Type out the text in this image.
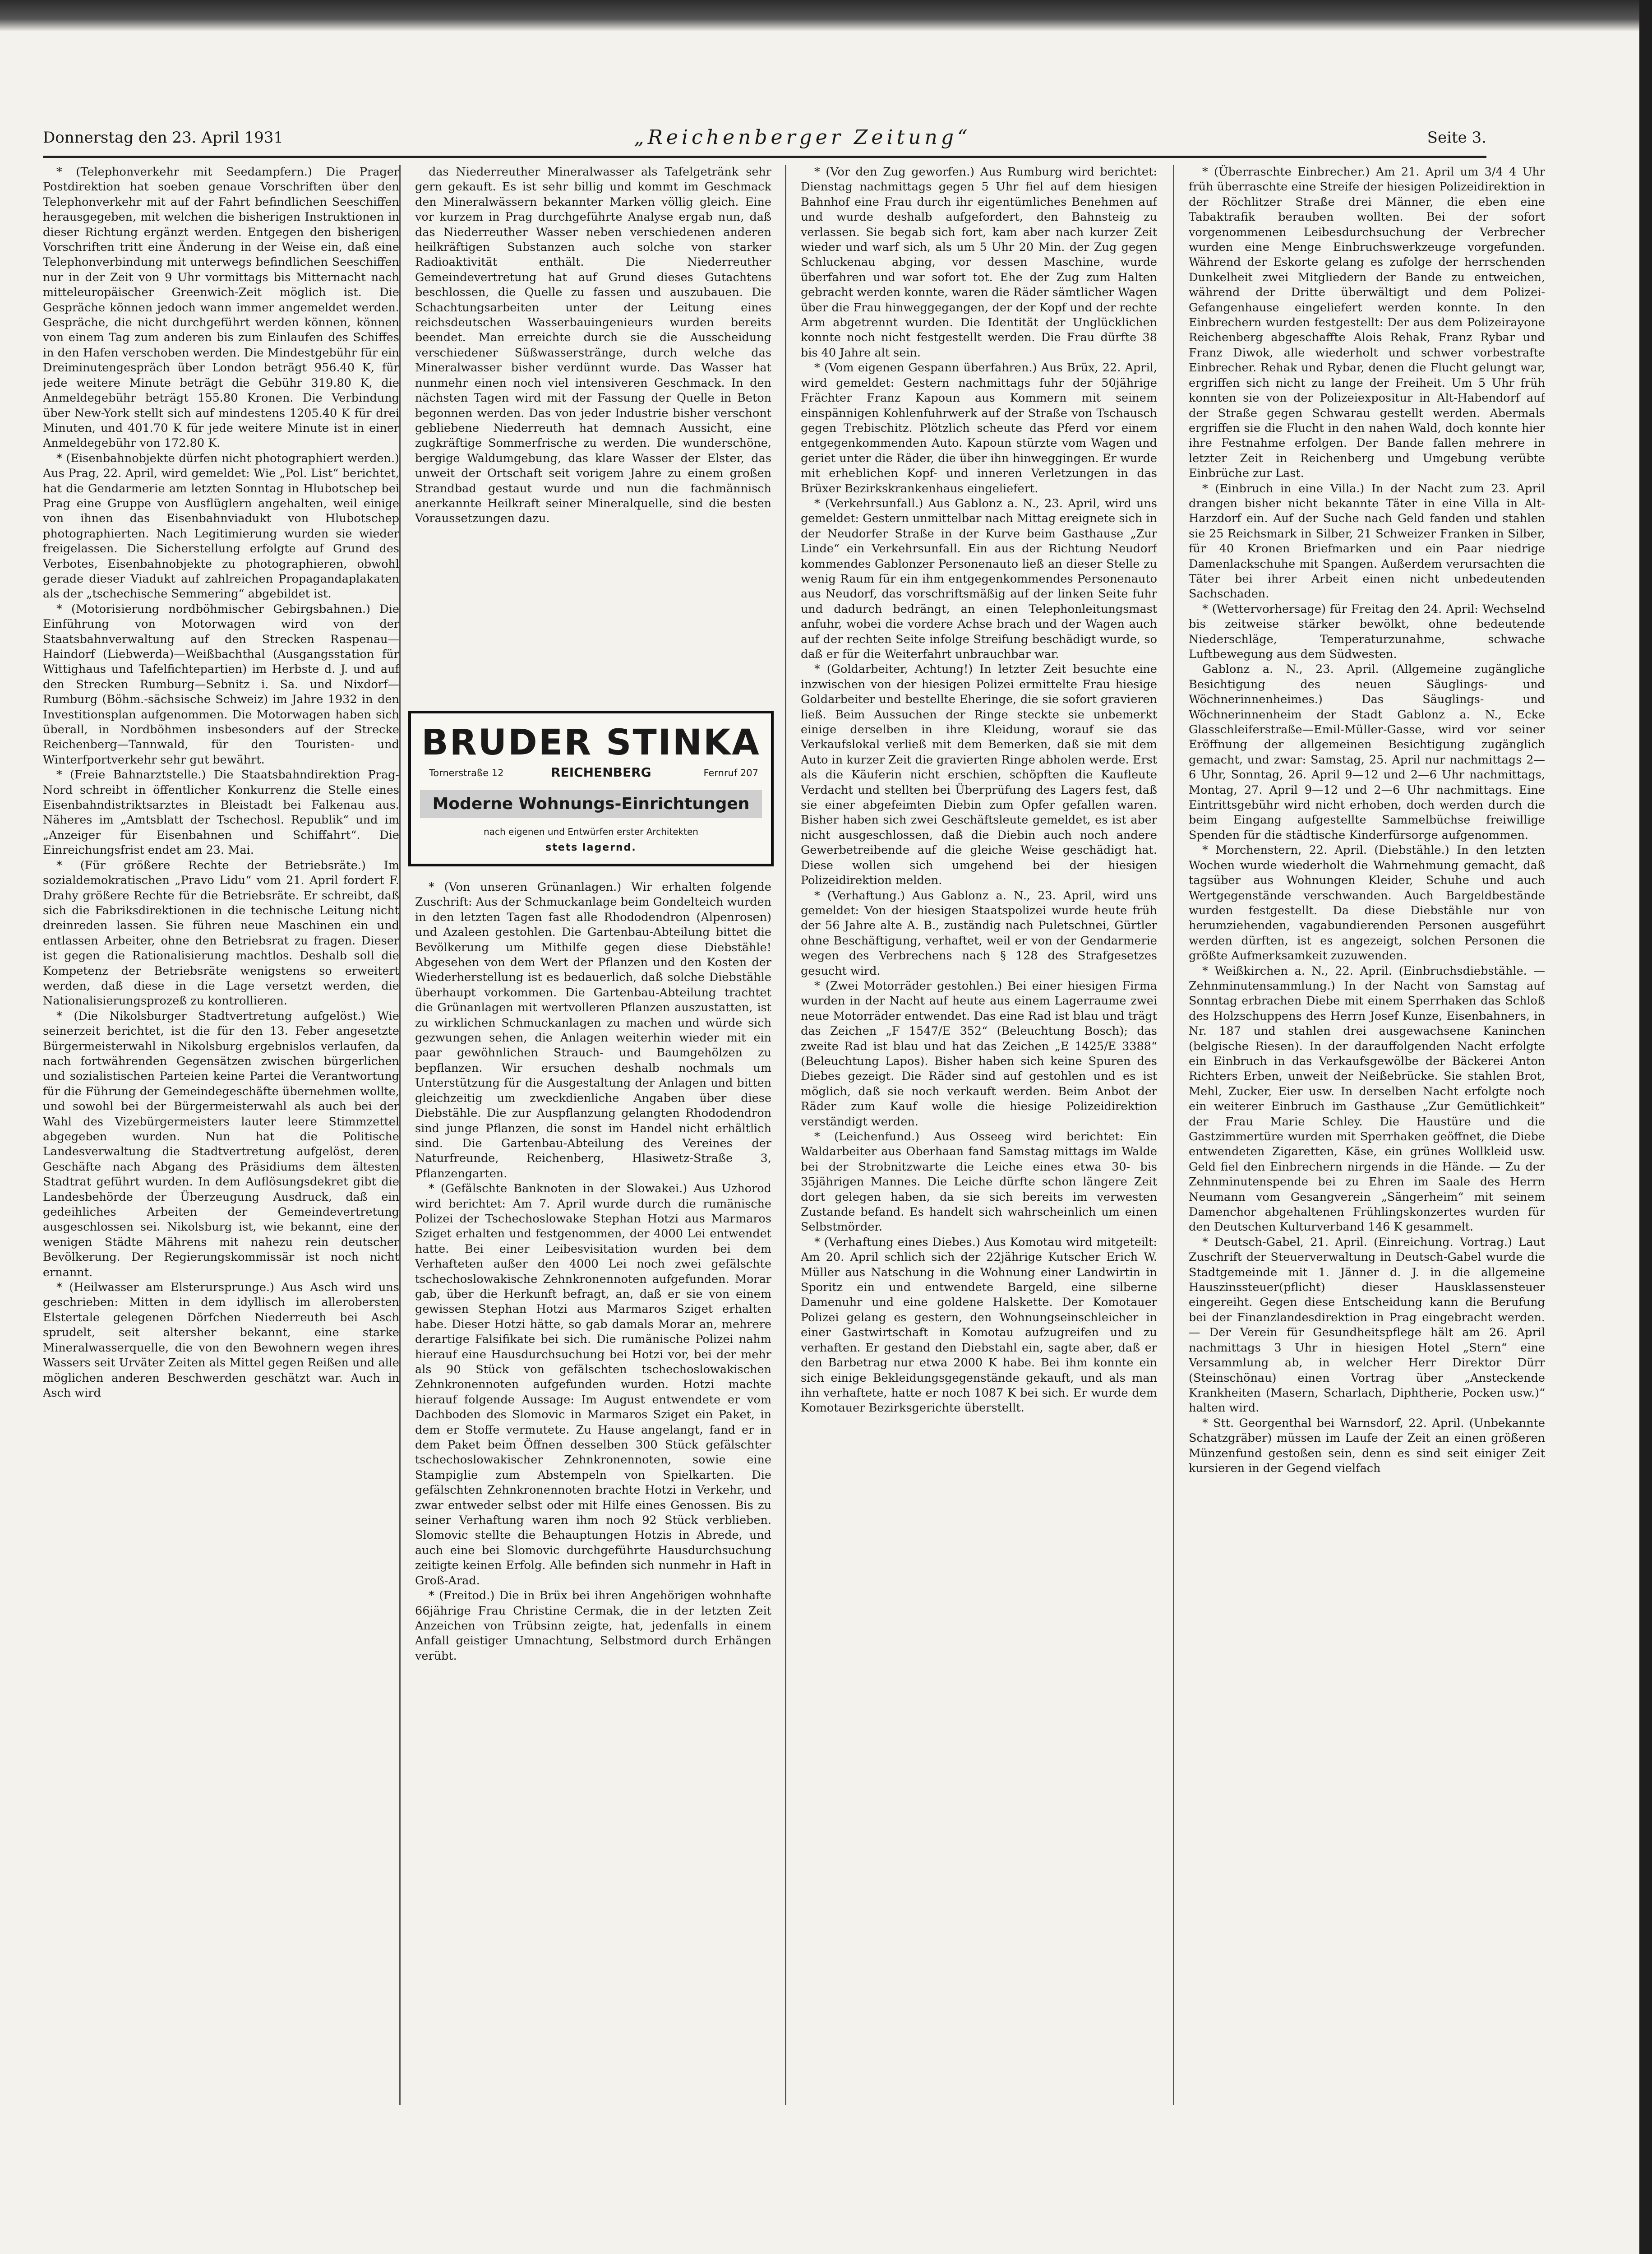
Donnerstag den 23. April 1931	„Reichenberger Zeitung“	Seite 3.

* (Telephonverkehr mit Seedampfern.) Die Prager Postdirektion hat soeben genaue Vorschriften über den Telephonverkehr mit auf der Fahrt befindlichen Seeschiffen herausgegeben, mit welchen die bisherigen Instruktionen in dieser Richtung ergänzt werden. Entgegen den bisherigen Vorschriften tritt eine Änderung in der Weise ein, daß eine Telephonverbindung mit unterwegs befindlichen Seeschiffen nur in der Zeit von 9 Uhr vormittags bis Mitternacht nach mitteleuropäischer Greenwich-Zeit möglich ist. Die Gespräche können jedoch wann immer angemeldet werden. Gespräche, die nicht durchgeführt werden können, können von einem Tag zum anderen bis zum Einlaufen des Schiffes in den Hafen verschoben werden. Die Mindestgebühr für ein Dreiminutengespräch über London beträgt 956.40 K, für jede weitere Minute beträgt die Gebühr 319.80 K, die Anmeldegebühr beträgt 155.80 Kronen. Die Verbindung über New-York stellt sich auf mindestens 1205.40 K für drei Minuten, und 401.70 K für jede weitere Minute ist in einer Anmeldegebühr von 172.80 K.

* (Eisenbahnobjekte dürfen nicht photographiert werden.) Aus Prag, 22. April, wird gemeldet: Wie „Pol. List“ berichtet, hat die Gendarmerie am letzten Sonntag in Hlubotschep bei Prag eine Gruppe von Ausflüglern angehalten, weil einige von ihnen das Eisenbahnviadukt von Hlubotschep photographierten. Nach Legitimierung wurden sie wieder freigelassen. Die Sicherstellung erfolgte auf Grund des Verbotes, Eisenbahnobjekte zu photographieren, obwohl gerade dieser Viadukt auf zahlreichen Propagandaplakaten als der „tschechische Semmering“ abgebildet ist.

* (Motorisierung nordböhmischer Gebirgsbahnen.) Die Einführung von Motorwagen wird von der Staatsbahnverwaltung auf den Strecken Raspenau—Haindorf (Liebwerda)—Weißbachthal (Ausgangsstation für Wittighaus und Tafelfichtepartien) im Herbste d. J. und auf den Strecken Rumburg—Sebnitz i. Sa. und Nixdorf—Rumburg (Böhm.-sächsische Schweiz) im Jahre 1932 in den Investitionsplan aufgenommen. Die Motorwagen haben sich überall, in Nordböhmen insbesonders auf der Strecke Reichenberg—Tannwald, für den Touristen- und Winterfportverkehr sehr gut bewährt.

* (Freie Bahnarztstelle.) Die Staatsbahndirektion Prag-Nord schreibt in öffentlicher Konkurrenz die Stelle eines Eisenbahndistriktsarztes in Bleistadt bei Falkenau aus. Näheres im „Amtsblatt der Tschechosl. Republik“ und im „Anzeiger für Eisenbahnen und Schiffahrt“. Die Einreichungsfrist endet am 23. Mai.

* (Für größere Rechte der Betriebsräte.) Im sozialdemokratischen „Pravo Lidu“ vom 21. April fordert F. Drahy größere Rechte für die Betriebsräte. Er schreibt, daß sich die Fabriksdirektionen in die technische Leitung nicht dreinreden lassen. Sie führen neue Maschinen ein und entlassen Arbeiter, ohne den Betriebsrat zu fragen. Dieser ist gegen die Rationalisierung machtlos. Deshalb soll die Kompetenz der Betriebsräte wenigstens so erweitert werden, daß diese in die Lage versetzt werden, die Nationalisierungsprozeß zu kontrollieren.

* (Die Nikolsburger Stadtvertretung aufgelöst.) Wie seinerzeit berichtet, ist die für den 13. Feber angesetzte Bürgermeisterwahl in Nikolsburg ergebnislos verlaufen, da nach fortwährenden Gegensätzen zwischen bürgerlichen und sozialistischen Parteien keine Partei die Verantwortung für die Führung der Gemeindegeschäfte übernehmen wollte, und sowohl bei der Bürgermeisterwahl als auch bei der Wahl des Vizebürgermeisters lauter leere Stimmzettel abgegeben wurden. Nun hat die Politische Landesverwaltung die Stadtvertretung aufgelöst, deren Geschäfte nach Abgang des Präsidiums dem ältesten Stadtrat geführt wurden. In dem Auflösungsdekret gibt die Landesbehörde der Überzeugung Ausdruck, daß ein gedeihliches Arbeiten der Gemeindevertretung ausgeschlossen sei. Nikolsburg ist, wie bekannt, eine der wenigen Städte Mährens mit nahezu rein deutscher Bevölkerung. Der Regierungskommissär ist noch nicht ernannt.

* (Heilwasser am Elsterursprunge.) Aus Asch wird uns geschrieben: Mitten in dem idyllisch im allerobersten Elstertale gelegenen Dörfchen Niederreuth bei Asch sprudelt, seit altersher bekannt, eine starke Mineralwasserquelle, die von den Bewohnern wegen ihres Wassers seit Urväter Zeiten als Mittel gegen Reißen und alle möglichen anderen Beschwerden geschätzt war. Auch in Asch wird

das Niederreuther Mineralwasser als Tafelgetränk sehr gern gekauft. Es ist sehr billig und kommt im Geschmack den Mineralwässern bekannter Marken völlig gleich. Eine vor kurzem in Prag durchgeführte Analyse ergab nun, daß das Niederreuther Wasser neben verschiedenen anderen heilkräftigen Substanzen auch solche von starker Radioaktivität enthält. Die Niederreuther Gemeindevertretung hat auf Grund dieses Gutachtens beschlossen, die Quelle zu fassen und auszubauen. Die Schachtungsarbeiten unter der Leitung eines reichsdeutschen Wasserbauingenieurs wurden bereits beendet. Man erreichte durch sie die Ausscheidung verschiedener Süßwasserstränge, durch welche das Mineralwasser bisher verdünnt wurde. Das Wasser hat nunmehr einen noch viel intensiveren Geschmack. In den nächsten Tagen wird mit der Fassung der Quelle in Beton begonnen werden. Das von jeder Industrie bisher verschont gebliebene Niederreuth hat demnach Aussicht, eine zugkräftige Sommerfrische zu werden. Die wunderschöne, bergige Waldumgebung, das klare Wasser der Elster, das unweit der Ortschaft seit vorigem Jahre zu einem großen Strandbad gestaut wurde und nun die fachmännisch anerkannte Heilkraft seiner Mineralquelle, sind die besten Voraussetzungen dazu.

BRUDER STINKA
Tornerstraße 12	REICHENBERG	Fernruf 207
Moderne Wohnungs-Einrichtungen
nach eigenen und Entwürfen erster Architekten
stets lagernd.

* (Von unseren Grünanlagen.) Wir erhalten folgende Zuschrift: Aus der Schmuckanlage beim Gondelteich wurden in den letzten Tagen fast alle Rhododendron (Alpenrosen) und Azaleen gestohlen. Die Gartenbau-Abteilung bittet die Bevölkerung um Mithilfe gegen diese Diebstähle! Abgesehen von dem Wert der Pflanzen und den Kosten der Wiederherstellung ist es bedauerlich, daß solche Diebstähle überhaupt vorkommen. Die Gartenbau-Abteilung trachtet die Grünanlagen mit wertvolleren Pflanzen auszustatten, ist zu wirklichen Schmuckanlagen zu machen und würde sich gezwungen sehen, die Anlagen weiterhin wieder mit ein paar gewöhnlichen Strauch- und Baumgehölzen zu bepflanzen. Wir ersuchen deshalb nochmals um Unterstützung für die Ausgestaltung der Anlagen und bitten gleichzeitig um zweckdienliche Angaben über diese Diebstähle. Die zur Auspflanzung gelangten Rhododendron sind junge Pflanzen, die sonst im Handel nicht erhältlich sind. Die Gartenbau-Abteilung des Vereines der Naturfreunde, Reichenberg, Hlasiwetz-Straße 3, Pflanzengarten.

* (Gefälschte Banknoten in der Slowakei.) Aus Uzhorod wird berichtet: Am 7. April wurde durch die rumänische Polizei der Tschechoslowake Stephan Hotzi aus Marmaros Sziget erhalten und festgenommen, der 4000 Lei entwendet hatte. Bei einer Leibesvisitation wurden bei dem Verhafteten außer den 4000 Lei noch zwei gefälschte tschechoslowakische Zehnkronennoten aufgefunden. Morar gab, über die Herkunft befragt, an, daß er sie von einem gewissen Stephan Hotzi aus Marmaros Sziget erhalten habe. Dieser Hotzi hätte, so gab damals Morar an, mehrere derartige Falsifikate bei sich. Die rumänische Polizei nahm hierauf eine Hausdurchsuchung bei Hotzi vor, bei der mehr als 90 Stück von gefälschten tschechoslowakischen Zehnkronennoten aufgefunden wurden. Hotzi machte hierauf folgende Aussage: Im August entwendete er vom Dachboden des Slomovic in Marmaros Sziget ein Paket, in dem er Stoffe vermutete. Zu Hause angelangt, fand er in dem Paket beim Öffnen desselben 300 Stück gefälschter tschechoslowakischer Zehnkronennoten, sowie eine Stampiglie zum Abstempeln von Spielkarten. Die gefälschten Zehnkronennoten brachte Hotzi in Verkehr, und zwar entweder selbst oder mit Hilfe eines Genossen. Bis zu seiner Verhaftung waren ihm noch 92 Stück verblieben. Slomovic stellte die Behauptungen Hotzis in Abrede, und auch eine bei Slomovic durchgeführte Hausdurchsuchung zeitigte keinen Erfolg. Alle befinden sich nunmehr in Haft in Groß-Arad.

* (Freitod.) Die in Brüx bei ihren Angehörigen wohnhafte 66jährige Frau Christine Cermak, die in der letzten Zeit Anzeichen von Trübsinn zeigte, hat, jedenfalls in einem Anfall geistiger Umnachtung, Selbstmord durch Erhängen verübt.

* (Vor den Zug geworfen.) Aus Rumburg wird berichtet: Dienstag nachmittags gegen 5 Uhr fiel auf dem hiesigen Bahnhof eine Frau durch ihr eigentümliches Benehmen auf und wurde deshalb aufgefordert, den Bahnsteig zu verlassen. Sie begab sich fort, kam aber nach kurzer Zeit wieder und warf sich, als um 5 Uhr 20 Min. der Zug gegen Schluckenau abging, vor dessen Maschine, wurde überfahren und war sofort tot. Ehe der Zug zum Halten gebracht werden konnte, waren die Räder sämtlicher Wagen über die Frau hinweggegangen, der der Kopf und der rechte Arm abgetrennt wurden. Die Identität der Unglücklichen konnte noch nicht festgestellt werden. Die Frau dürfte 38 bis 40 Jahre alt sein.

* (Vom eigenen Gespann überfahren.) Aus Brüx, 22. April, wird gemeldet: Gestern nachmittags fuhr der 50jährige Frächter Franz Kapoun aus Kommern mit seinem einspännigen Kohlenfuhrwerk auf der Straße von Tschausch gegen Trebischitz. Plötzlich scheute das Pferd vor einem entgegenkommenden Auto. Kapoun stürzte vom Wagen und geriet unter die Räder, die über ihn hinweggingen. Er wurde mit erheblichen Kopf- und inneren Verletzungen in das Brüxer Bezirkskrankenhaus eingeliefert.

* (Verkehrsunfall.) Aus Gablonz a. N., 23. April, wird uns gemeldet: Gestern unmittelbar nach Mittag ereignete sich in der Neudorfer Straße in der Kurve beim Gasthause „Zur Linde“ ein Verkehrsunfall. Ein aus der Richtung Neudorf kommendes Gablonzer Personenauto ließ an dieser Stelle zu wenig Raum für ein ihm entgegenkommendes Personenauto aus Neudorf, das vorschriftsmäßig auf der linken Seite fuhr und dadurch bedrängt, an einen Telephonleitungsmast anfuhr, wobei die vordere Achse brach und der Wagen auch auf der rechten Seite infolge Streifung beschädigt wurde, so daß er für die Weiterfahrt unbrauchbar war.

* (Goldarbeiter, Achtung!) In letzter Zeit besuchte eine inzwischen von der hiesigen Polizei ermittelte Frau hiesige Goldarbeiter und bestellte Eheringe, die sie sofort gravieren ließ. Beim Aussuchen der Ringe steckte sie unbemerkt einige derselben in ihre Kleidung, worauf sie das Verkaufslokal verließ mit dem Bemerken, daß sie mit dem Auto in kurzer Zeit die gravierten Ringe abholen werde. Erst als die Käuferin nicht erschien, schöpften die Kaufleute Verdacht und stellten bei Überprüfung des Lagers fest, daß sie einer abgefeimten Diebin zum Opfer gefallen waren. Bisher haben sich zwei Geschäftsleute gemeldet, es ist aber nicht ausgeschlossen, daß die Diebin auch noch andere Gewerbetreibende auf die gleiche Weise geschädigt hat. Diese wollen sich umgehend bei der hiesigen Polizeidirektion melden.

* (Verhaftung.) Aus Gablonz a. N., 23. April, wird uns gemeldet: Von der hiesigen Staatspolizei wurde heute früh der 56 Jahre alte A. B., zuständig nach Puletschnei, Gürtler ohne Beschäftigung, verhaftet, weil er von der Gendarmerie wegen des Verbrechens nach § 128 des Strafgesetzes gesucht wird.

* (Zwei Motorräder gestohlen.) Bei einer hiesigen Firma wurden in der Nacht auf heute aus einem Lagerraume zwei neue Motorräder entwendet. Das eine Rad ist blau und trägt das Zeichen „F 1547/E 352“ (Beleuchtung Bosch); das zweite Rad ist blau und hat das Zeichen „E 1425/E 3388“ (Beleuchtung Lapos). Bisher haben sich keine Spuren des Diebes gezeigt. Die Räder sind auf gestohlen und es ist möglich, daß sie noch verkauft werden. Beim Anbot der Räder zum Kauf wolle die hiesige Polizeidirektion verständigt werden.

* (Leichenfund.) Aus Osseeg wird berichtet: Ein Waldarbeiter aus Oberhaan fand Samstag mittags im Walde bei der Strobnitzwarte die Leiche eines etwa 30- bis 35jährigen Mannes. Die Leiche dürfte schon längere Zeit dort gelegen haben, da sie sich bereits im verwesten Zustande befand. Es handelt sich wahrscheinlich um einen Selbstmörder.

* (Verhaftung eines Diebes.) Aus Komotau wird mitgeteilt: Am 20. April schlich sich der 22jährige Kutscher Erich W. Müller aus Natschung in die Wohnung einer Landwirtin in Sporitz ein und entwendete Bargeld, eine silberne Damenuhr und eine goldene Halskette. Der Komotauer Polizei gelang es gestern, den Wohnungseinschleicher in einer Gastwirtschaft in Komotau aufzugreifen und zu verhaften. Er gestand den Diebstahl ein, sagte aber, daß er den Barbetrag nur etwa 2000 K habe. Bei ihm konnte ein sich einige Bekleidungsgegenstände gekauft, und als man ihn verhaftete, hatte er noch 1087 K bei sich. Er wurde dem Komotauer Bezirksgerichte überstellt.

* (Überraschte Einbrecher.) Am 21. April um 3/4 4 Uhr früh überraschte eine Streife der hiesigen Polizeidirektion in der Röchlitzer Straße drei Männer, die eben eine Tabaktrafik berauben wollten. Bei der sofort vorgenommenen Leibesdurchsuchung der Verbrecher wurden eine Menge Einbruchswerkzeuge vorgefunden. Während der Eskorte gelang es zufolge der herrschenden Dunkelheit zwei Mitgliedern der Bande zu entweichen, während der Dritte überwältigt und dem Polizei-Gefangenhause eingeliefert werden konnte. In den Einbrechern wurden festgestellt: Der aus dem Polizeirayone Reichenberg abgeschaffte Alois Rehak, Franz Rybar und Franz Diwok, alle wiederholt und schwer vorbestrafte Einbrecher. Rehak und Rybar, denen die Flucht gelungt war, ergriffen sich nicht zu lange der Freiheit. Um 5 Uhr früh konnten sie von der Polizeiexpositur in Alt-Habendorf auf der Straße gegen Schwarau gestellt werden. Abermals ergriffen sie die Flucht in den nahen Wald, doch konnte hier ihre Festnahme erfolgen. Der Bande fallen mehrere in letzter Zeit in Reichenberg und Umgebung verübte Einbrüche zur Last.

* (Einbruch in eine Villa.) In der Nacht zum 23. April drangen bisher nicht bekannte Täter in eine Villa in Alt-Harzdorf ein. Auf der Suche nach Geld fanden und stahlen sie 25 Reichsmark in Silber, 21 Schweizer Franken in Silber, für 40 Kronen Briefmarken und ein Paar niedrige Damenlackschuhe mit Spangen. Außerdem verursachten die Täter bei ihrer Arbeit einen nicht unbedeutenden Sachschaden.

* (Wettervorhersage) für Freitag den 24. April: Wechselnd bis zeitweise stärker bewölkt, ohne bedeutende Niederschläge, Temperaturzunahme, schwache Luftbewegung aus dem Südwesten.

Gablonz a. N., 23. April. (Allgemeine zugängliche Besichtigung des neuen Säuglings- und Wöchnerinnenheimes.) Das Säuglings- und Wöchnerinnenheim der Stadt Gablonz a. N., Ecke Glasschleiferstraße—Emil-Müller-Gasse, wird vor seiner Eröffnung der allgemeinen Besichtigung zugänglich gemacht, und zwar: Samstag, 25. April nur nachmittags 2—6 Uhr, Sonntag, 26. April 9—12 und 2—6 Uhr nachmittags, Montag, 27. April 9—12 und 2—6 Uhr nachmittags. Eine Eintrittsgebühr wird nicht erhoben, doch werden durch die beim Eingang aufgestellte Sammelbüchse freiwillige Spenden für die städtische Kinderfürsorge aufgenommen.

* Morchenstern, 22. April. (Diebstähle.) In den letzten Wochen wurde wiederholt die Wahrnehmung gemacht, daß tagsüber aus Wohnungen Kleider, Schuhe und auch Wertgegenstände verschwanden. Auch Bargeldbestände wurden festgestellt. Da diese Diebstähle nur von herumziehenden, vagabundierenden Personen ausgeführt werden dürften, ist es angezeigt, solchen Personen die größte Aufmerksamkeit zuzuwenden.

* Weißkirchen a. N., 22. April. (Einbruchsdiebstähle. — Zehnminutensammlung.) In der Nacht von Samstag auf Sonntag erbrachen Diebe mit einem Sperrhaken das Schloß des Holzschuppens des Herrn Josef Kunze, Eisenbahners, in Nr. 187 und stahlen drei ausgewachsene Kaninchen (belgische Riesen). In der darauffolgenden Nacht erfolgte ein Einbruch in das Verkaufsgewölbe der Bäckerei Anton Richters Erben, unweit der Neißebrücke. Sie stahlen Brot, Mehl, Zucker, Eier usw. In derselben Nacht erfolgte noch ein weiterer Einbruch im Gasthause „Zur Gemütlichkeit“ der Frau Marie Schley. Die Haustüre und die Gastzimmertüre wurden mit Sperrhaken geöffnet, die Diebe entwendeten Zigaretten, Käse, ein grünes Wollkleid usw. Geld fiel den Einbrechern nirgends in die Hände. — Zu der Zehnminutenspende bei zu Ehren im Saale des Herrn Neumann vom Gesangverein „Sängerheim“ mit seinem Damenchor abgehaltenen Frühlingskonzertes wurden für den Deutschen Kulturverband 146 K gesammelt.

* Deutsch-Gabel, 21. April. (Einreichung. Vortrag.) Laut Zuschrift der Steuerverwaltung in Deutsch-Gabel wurde die Stadtgemeinde mit 1. Jänner d. J. in die allgemeine Hauszinssteuer(pflicht) dieser Hausklassensteuer eingereiht. Gegen diese Entscheidung kann die Berufung bei der Finanzlandesdirektion in Prag eingebracht werden. — Der Verein für Gesundheitspflege hält am 26. April nachmittags 3 Uhr in hiesigen Hotel „Stern“ eine Versammlung ab, in welcher Herr Direktor Dürr (Steinschönau) einen Vortrag über „Ansteckende Krankheiten (Masern, Scharlach, Diphtherie, Pocken usw.)“ halten wird.

* Stt. Georgenthal bei Warnsdorf, 22. April. (Unbekannte Schatzgräber) müssen im Laufe der Zeit an einen größeren Münzenfund gestoßen sein, denn es sind seit einiger Zeit kursieren in der Gegend vielfach
